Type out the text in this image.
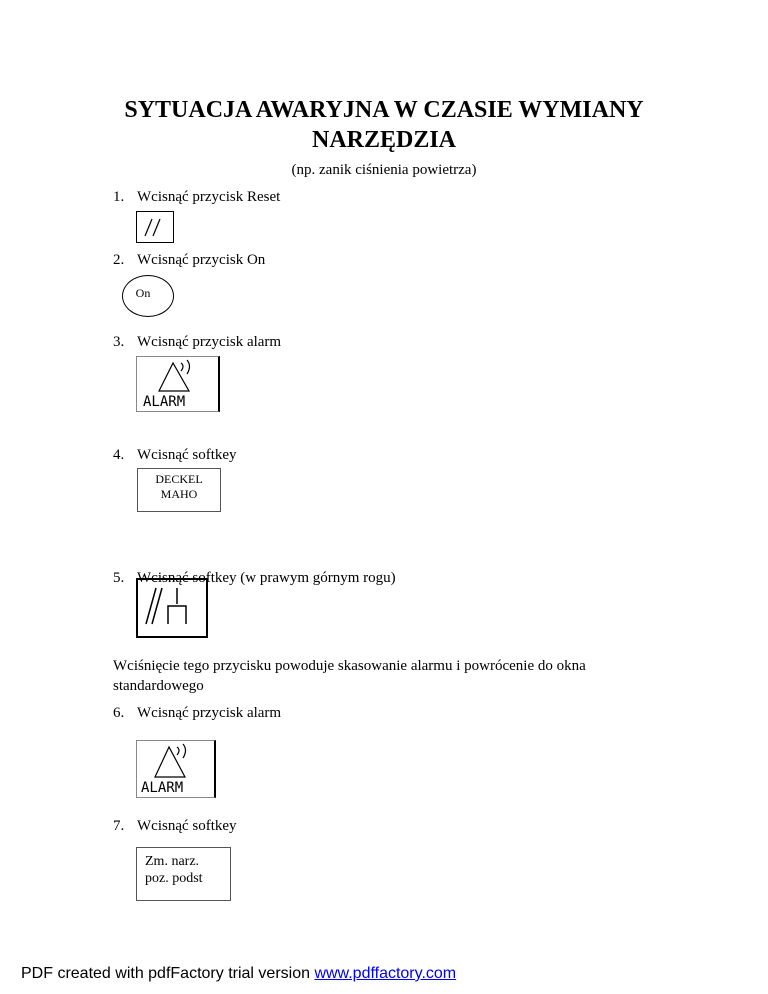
SYTUACJA AWARYJNA W CZASIE WYMIANY
NARZĘDZIA
(np. zanik ciśnienia powietrza)
1. Wcisnąć przycisk Reset
2. Wcisnąć przycisk On
On
3. Wcisnąć przycisk alarm
ALARM
4. Wcisnąć softkey
DECKEL
MAHO
5. Wcisnąć softkey (w prawym górnym rogu)
Wciśnięcie tego przycisku powoduje skasowanie alarmu i powrócenie do okna
standardowego
6. Wcisnąć przycisk alarm
ALARM
7. Wcisnąć softkey
Zm. narz.
poz. podst
PDF created with pdfFactory trial version www.pdffactory.com
